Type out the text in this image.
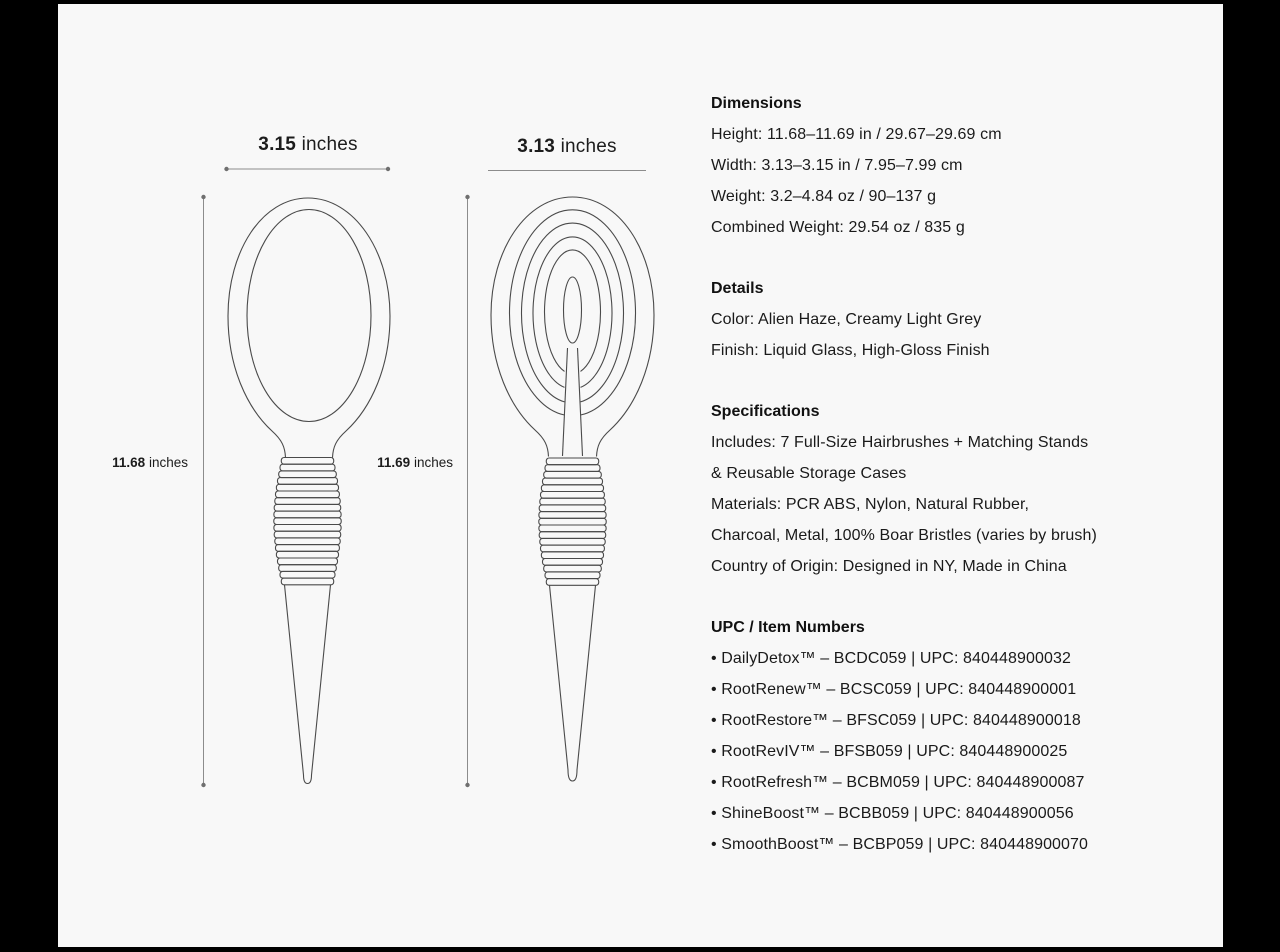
3.15 inches	3.13 inches
11.68 inches	11.69 inches
Dimensions
Height: 11.68–11.69 in / 29.67–29.69 cm
Width: 3.13–3.15 in / 7.95–7.99 cm
Weight: 3.2–4.84 oz / 90–137 g
Combined Weight: 29.54 oz / 835 g
Details
Color: Alien Haze, Creamy Light Grey
Finish: Liquid Glass, High-Gloss Finish
Specifications
Includes: 7 Full-Size Hairbrushes + Matching Stands
& Reusable Storage Cases
Materials: PCR ABS, Nylon, Natural Rubber,
Charcoal, Metal, 100% Boar Bristles (varies by brush)
Country of Origin: Designed in NY, Made in China
UPC / Item Numbers
• DailyDetox™ – BCDC059 | UPC: 840448900032
• RootRenew™ – BCSC059 | UPC: 840448900001
• RootRestore™ – BFSC059 | UPC: 840448900018
• RootRevIV™ – BFSB059 | UPC: 840448900025
• RootRefresh™ – BCBM059 | UPC: 840448900087
• ShineBoost™ – BCBB059 | UPC: 840448900056
• SmoothBoost™ – BCBP059 | UPC: 840448900070
